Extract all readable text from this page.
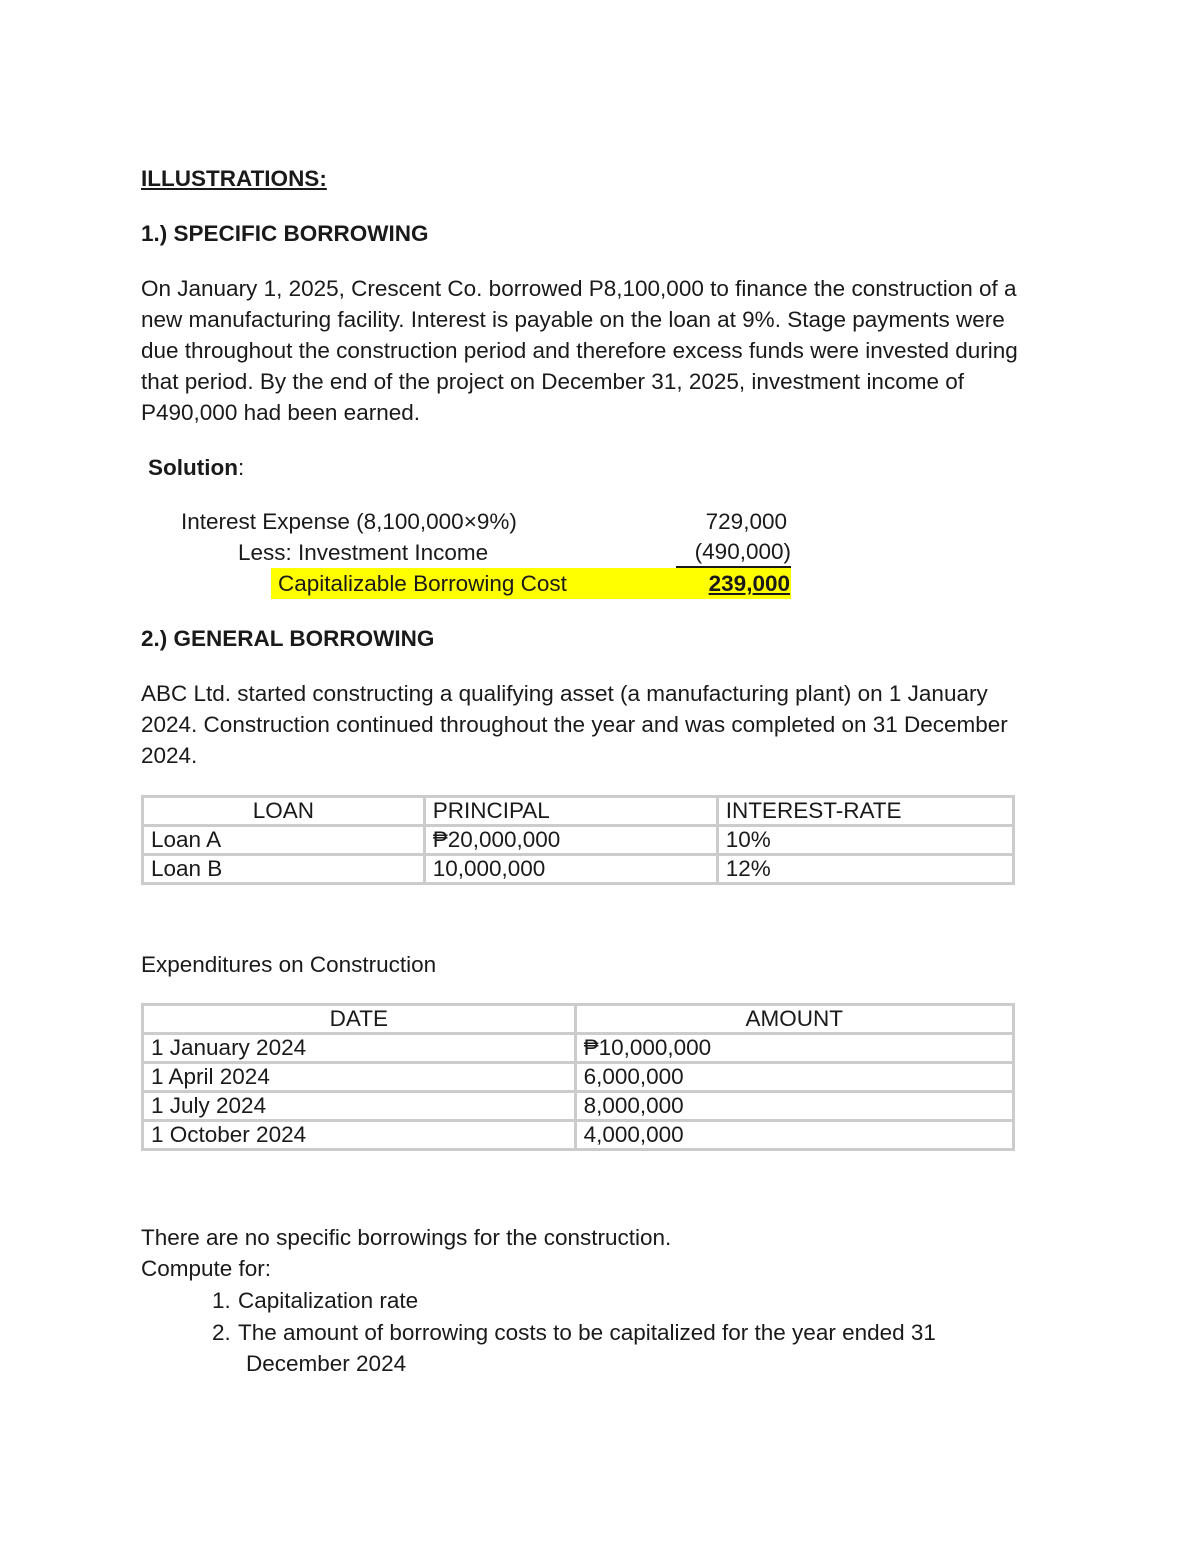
ILLUSTRATIONS:
1.) SPECIFIC BORROWING
On January 1, 2025, Crescent Co. borrowed P8,100,000 to finance the construction of a
new manufacturing facility. Interest is payable on the loan at 9%. Stage payments were
due throughout the construction period and therefore excess funds were invested during
that period. By the end of the project on December 31, 2025, investment income of
P490,000 had been earned.
Solution:
Interest Expense (8,100,000×9%)	729,000
Less: Investment Income	(490,000)
Capitalizable Borrowing Cost	239,000
2.) GENERAL BORROWING
ABC Ltd. started constructing a qualifying asset (a manufacturing plant) on 1 January
2024. Construction continued throughout the year and was completed on 31 December
2024.
LOAN	PRINCIPAL	INTEREST-RATE
Loan A	₱20,000,000	10%
Loan B	10,000,000	12%
Expenditures on Construction
DATE	AMOUNT
1 January 2024	₱10,000,000
1 April 2024	6,000,000
1 July 2024	8,000,000
1 October 2024	4,000,000
There are no specific borrowings for the construction.
Compute for:
1. Capitalization rate
2. The amount of borrowing costs to be capitalized for the year ended 31
December 2024
